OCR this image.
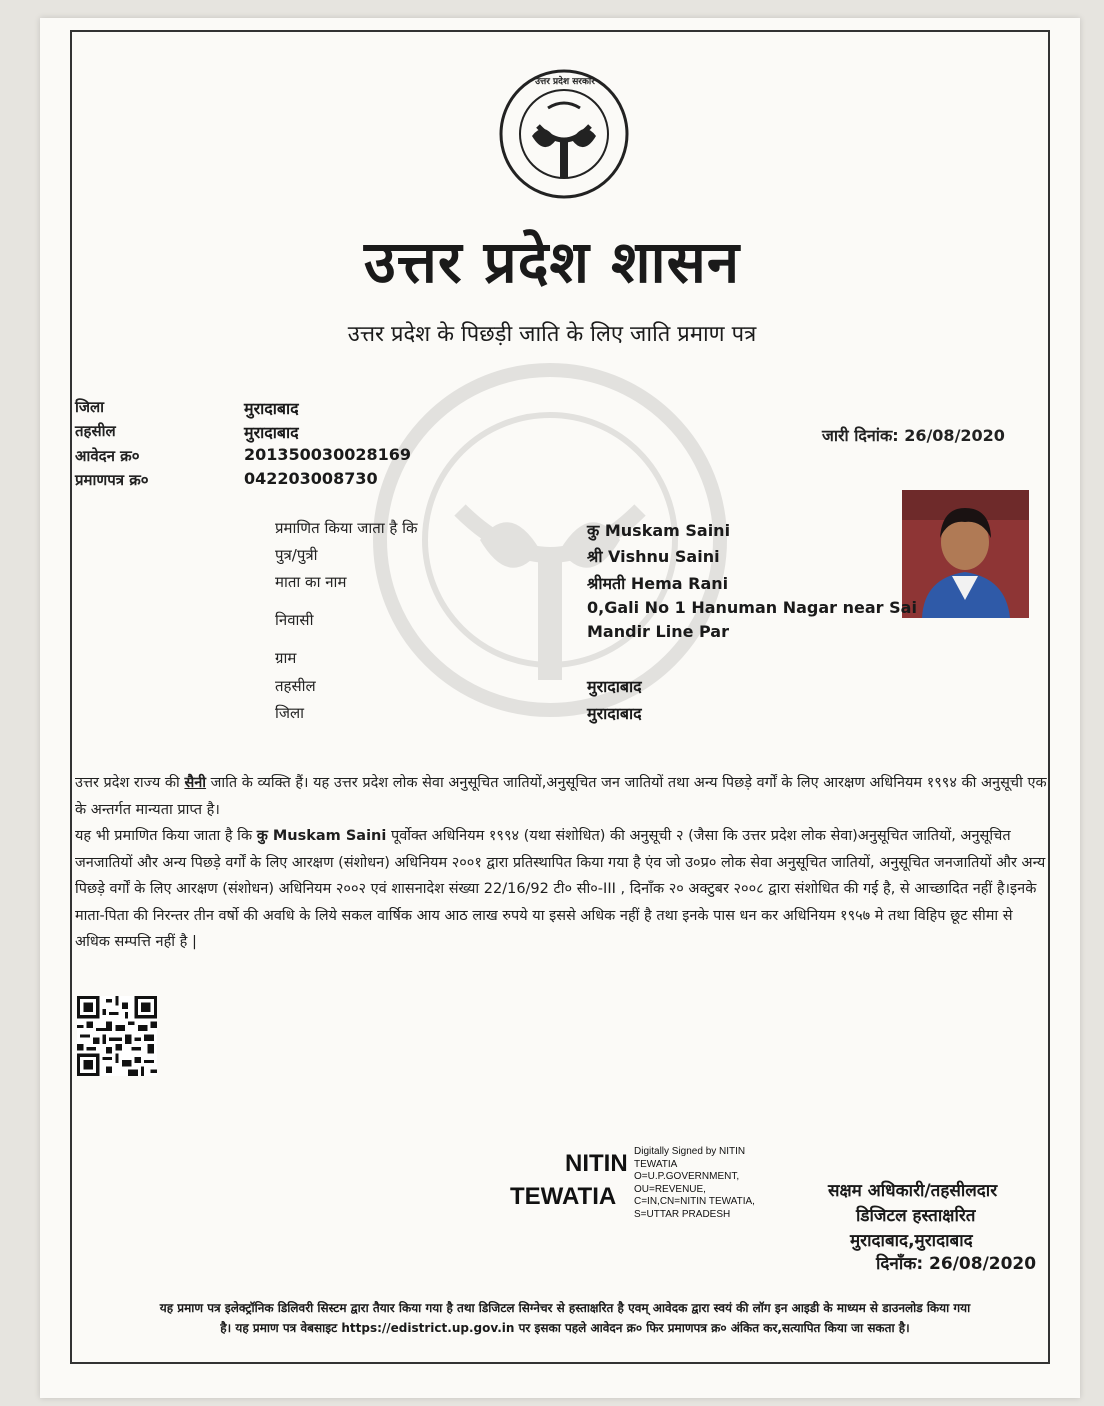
उत्तर प्रदेश शासन
उत्तर प्रदेश के पिछड़ी जाति के लिए जाति प्रमाण पत्र
जिला	मुरादाबाद
तहसील	मुरादाबाद
आवेदन क्र०	201350030028169
प्रमाणपत्र क्र०	042203008730
जारी दिनांक: 26/08/2020
प्रमाणित किया जाता है कि	कु Muskam Saini
पुत्र/पुत्री	श्री Vishnu Saini
माता का नाम	श्रीमती Hema Rani
निवासी
0,Gali No 1 Hanuman Nagar near Sai
Mandir Line Par
ग्राम
तहसील	मुरादाबाद
जिला	मुरादाबाद

उत्तर प्रदेश राज्य की सैनी जाति के व्यक्ति हैं। यह उत्तर प्रदेश लोक सेवा अनुसूचित जातियों,अनुसूचित जन जातियों तथा अन्य पिछड़े वर्गों के लिए आरक्षण अधिनियम १९९४ की अनुसूची एक के अन्तर्गत मान्यता प्राप्त है।

यह भी प्रमाणित किया जाता है कि कु Muskam Saini पूर्वोक्त अधिनियम १९९४ (यथा संशोधित) की अनुसूची २ (जैसा कि उत्तर प्रदेश लोक सेवा)अनुसूचित जातियों, अनुसूचित जनजातियों और अन्य पिछड़े वर्गों के लिए आरक्षण (संशोधन) अधिनियम २००१ द्वारा प्रतिस्थापित किया गया है एंव जो उ०प्र० लोक सेवा अनुसूचित जातियों, अनुसूचित जनजातियों और अन्य पिछड़े वर्गों के लिए आरक्षण (संशोधन) अधिनियम २००२ एवं शासनादेश संख्या 22/16/92 टी० सी०-III , दिनाँक २० अक्टुबर २००८ द्वारा संशोधित की गई है, से आच्छादित नहीं है।इनके माता-पिता की निरन्तर तीन वर्षो की अवधि के लिये सकल वार्षिक आय आठ लाख रुपये या इससे अधिक नहीं है तथा इनके पास धन कर अधिनियम १९५७ मे तथा विहिप छूट सीमा से अधिक सम्पत्ति नहीं है |

NITIN
TEWATIA
Digitally Signed by NITIN
TEWATIA
O=U.P.GOVERNMENT,
OU=REVENUE,
C=IN,CN=NITIN TEWATIA,
S=UTTAR PRADESH
सक्षम अधिकारी/तहसीलदार
डिजिटल हस्ताक्षरित
मुरादाबाद,मुरादाबाद
दिनाँक: 26/08/2020
यह प्रमाण पत्र इलेक्ट्रॉनिक डिलिवरी सिस्टम द्वारा तैयार किया गया है तथा डिजिटल सिग्नेचर से हस्ताक्षरित है एवम् आवेदक द्वारा स्वयं की लॉग इन आइडी के माध्यम से डाउनलोड किया गया
है। यह प्रमाण पत्र वेबसाइट https://edistrict.up.gov.in पर इसका पहले आवेदन क्र० फिर प्रमाणपत्र क्र० अंकित कर,सत्यापित किया जा सकता है।
उत्तर प्रदेश सरकार
